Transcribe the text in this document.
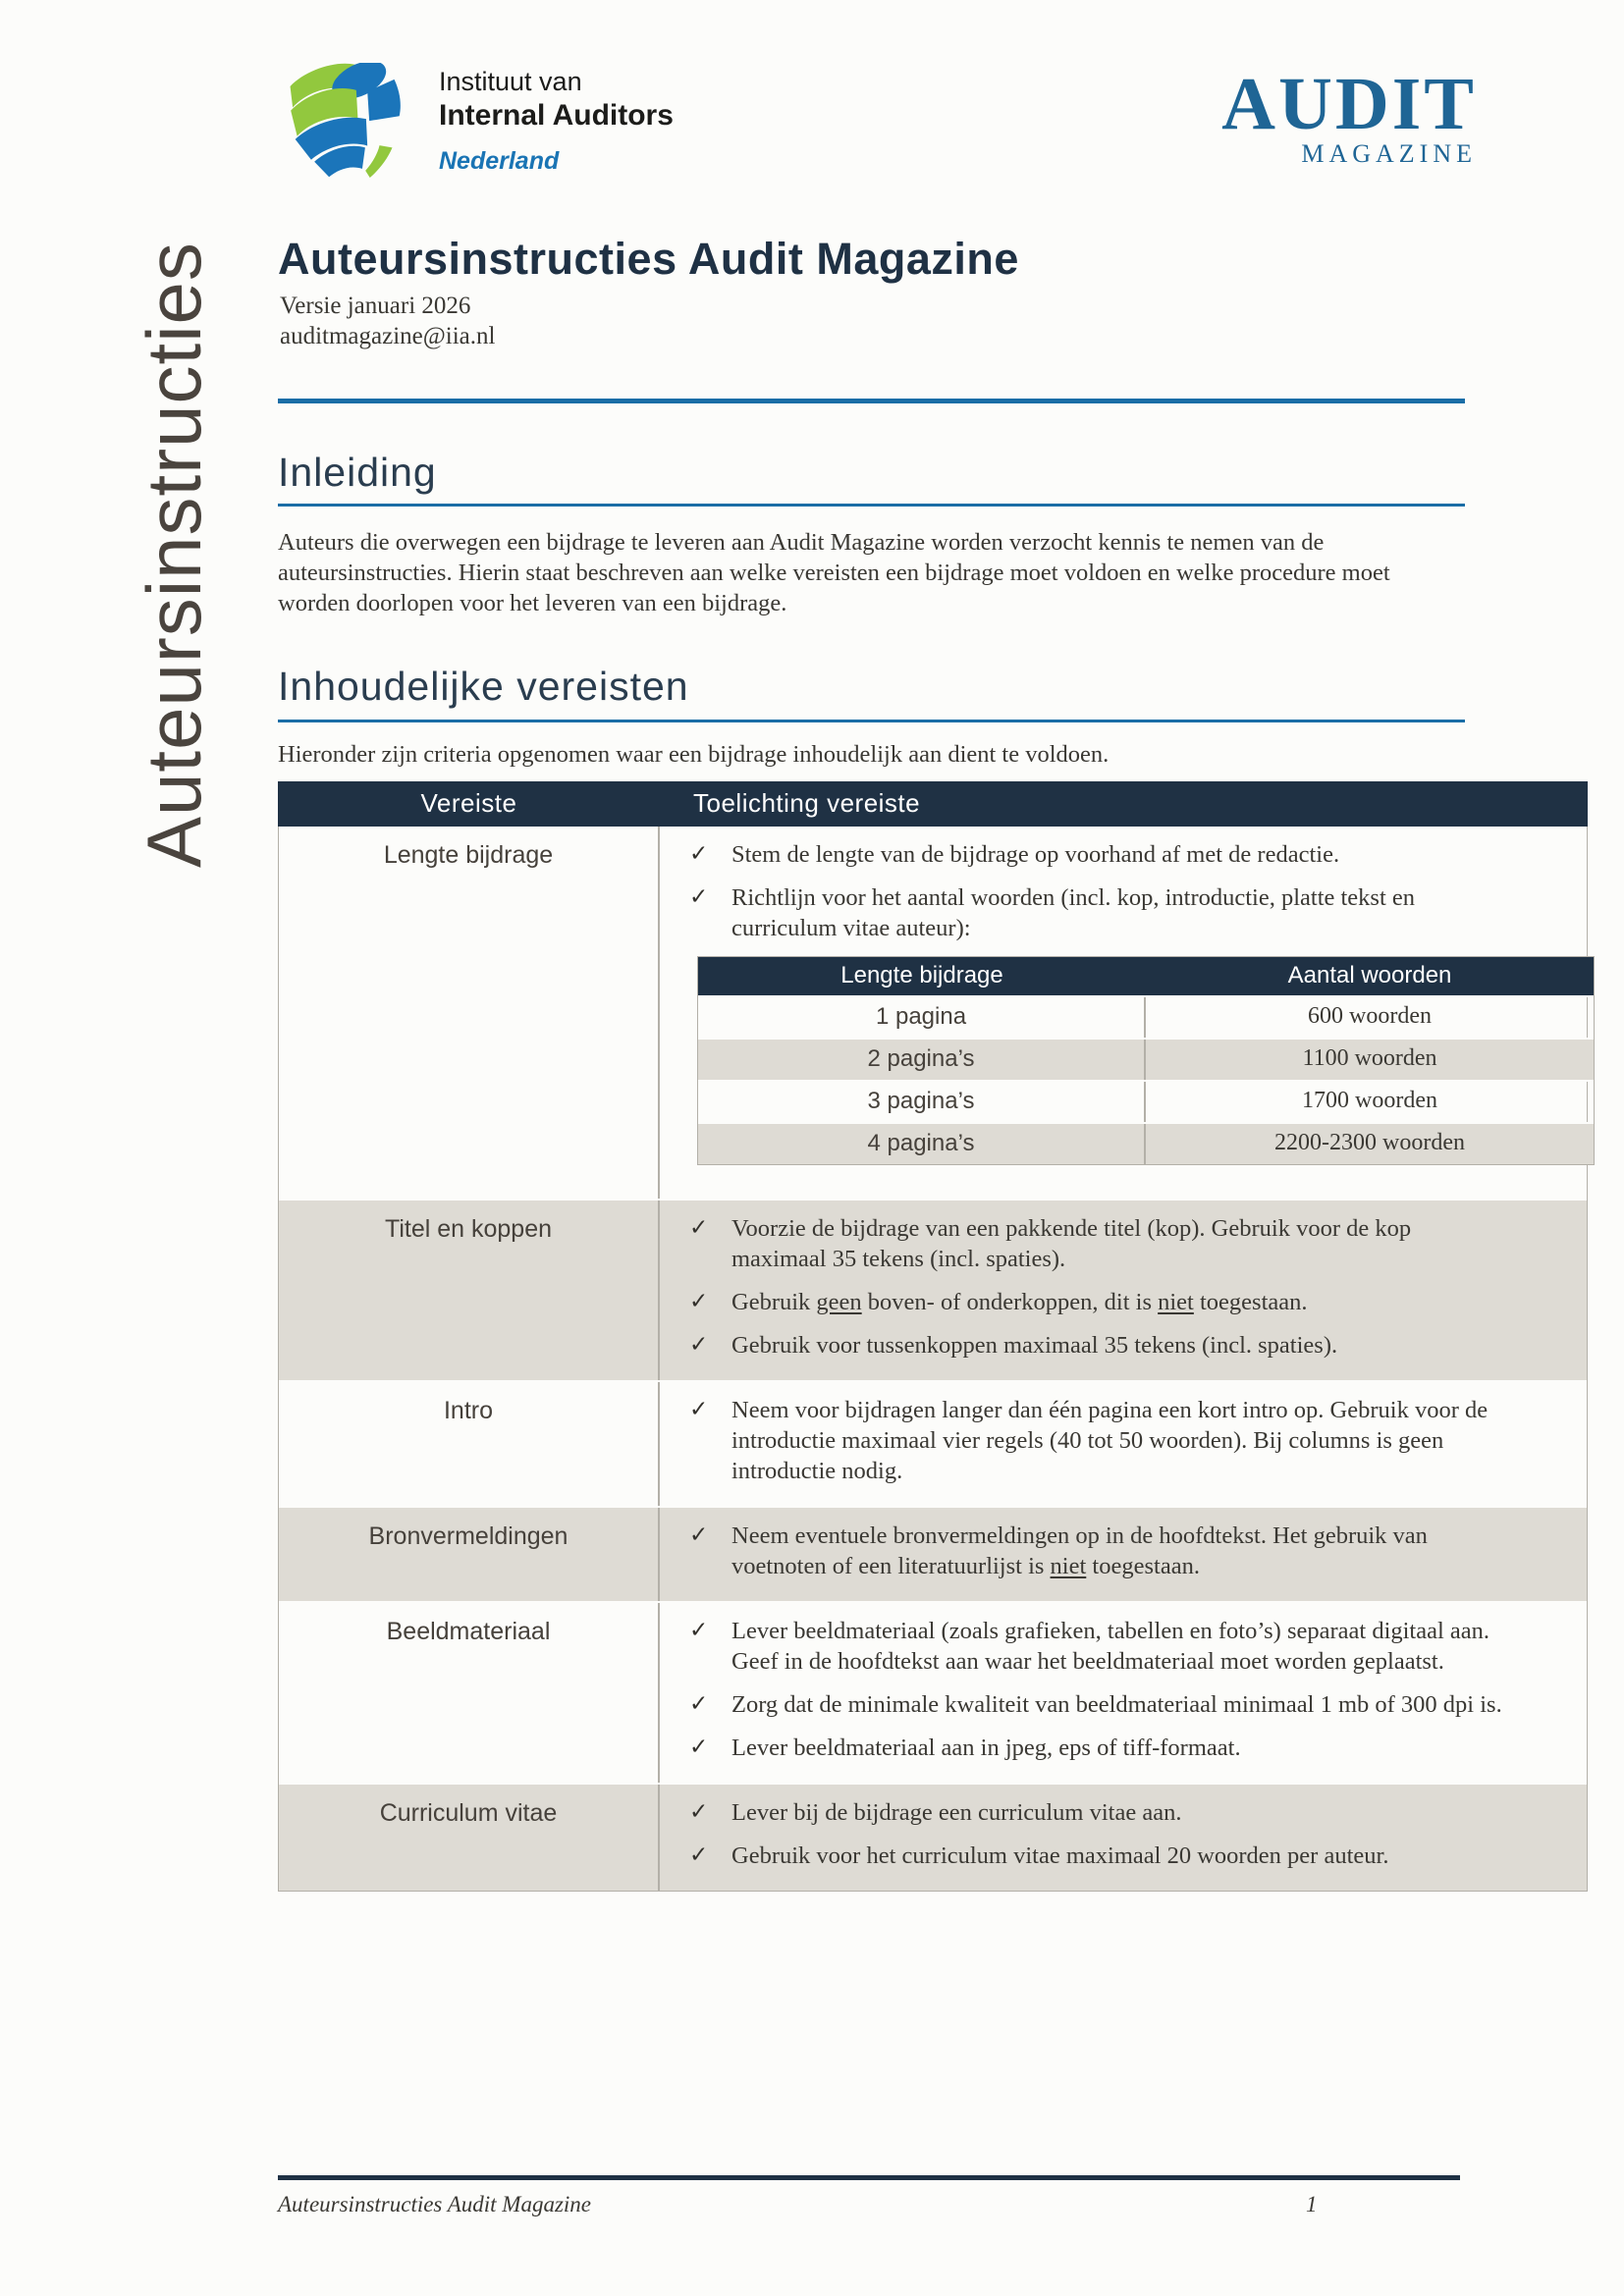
Auteursinstructies
Instituut van
Internal Auditors
Nederland
AUDIT
MAGAZINE
Auteursinstructies Audit Magazine
Versie januari 2026
auditmagazine@iia.nl
Inleiding
Auteurs die overwegen een bijdrage te leveren aan Audit Magazine worden verzocht kennis te nemen van de auteursinstructies. Hierin staat beschreven aan welke vereisten een bijdrage moet voldoen en welke procedure moet worden doorlopen voor het leveren van een bijdrage.
Inhoudelijke vereisten
Hieronder zijn criteria opgenomen waar een bijdrage inhoudelijk aan dient te voldoen.
Vereiste	Toelichting vereiste
Lengte bijdrage	✓ Stem de lengte van de bijdrage op voorhand af met de redactie.
✓ Richtlijn voor het aantal woorden (incl. kop, introductie, platte tekst en curriculum vitae auteur):
Lengte bijdrage	Aantal woorden
1 pagina	600 woorden
2 pagina’s	1100 woorden
3 pagina’s	1700 woorden
4 pagina’s	2200-2300 woorden
Titel en koppen	✓ Voorzie de bijdrage van een pakkende titel (kop). Gebruik voor de kop maximaal 35 tekens (incl. spaties).
✓ Gebruik geen boven- of onderkoppen, dit is niet toegestaan.
✓ Gebruik voor tussenkoppen maximaal 35 tekens (incl. spaties).
Intro	✓ Neem voor bijdragen langer dan één pagina een kort intro op. Gebruik voor de introductie maximaal vier regels (40 tot 50 woorden). Bij columns is geen introductie nodig.
Bronvermeldingen	✓ Neem eventuele bronvermeldingen op in de hoofdtekst. Het gebruik van voetnoten of een literatuurlijst is niet toegestaan.
Beeldmateriaal	✓ Lever beeldmateriaal (zoals grafieken, tabellen en foto’s) separaat digitaal aan. Geef in de hoofdtekst aan waar het beeldmateriaal moet worden geplaatst.
✓ Zorg dat de minimale kwaliteit van beeldmateriaal minimaal 1 mb of 300 dpi is.
✓ Lever beeldmateriaal aan in jpeg, eps of tiff-formaat.
Curriculum vitae	✓ Lever bij de bijdrage een curriculum vitae aan.
✓ Gebruik voor het curriculum vitae maximaal 20 woorden per auteur.
Auteursinstructies Audit Magazine	1
